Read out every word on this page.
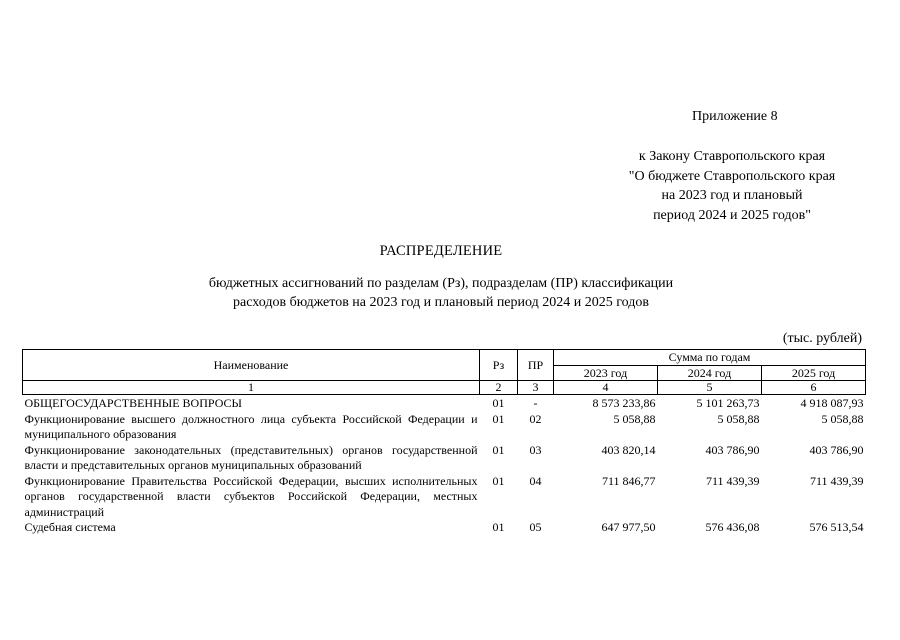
Приложение 8
к Закону Ставропольского края
"О бюджете Ставропольского края
на 2023 год и плановый
период 2024 и 2025 годов"
РАСПРЕДЕЛЕНИЕ
бюджетных ассигнований по разделам (Рз), подразделам (ПР) классификации
расходов бюджетов на 2023 год и плановый период 2024 и 2025 годов
(тыс. рублей)
Наименование	Рз	ПР	Сумма по годам		
			2023 год	2024 год	2025 год
1	2	3	4	5	6
ОБЩЕГОСУДАРСТВЕННЫЕ ВОПРОСЫ	01	-	8 573 233,86	5 101 263,73	4 918 087,93
Функционирование высшего должностного лица субъекта Российской Федерации и муниципального образования	01	02	5 058,88	5 058,88	5 058,88
Функционирование законодательных (представительных) органов государственной власти и представительных органов муниципальных образований	01	03	403 820,14	403 786,90	403 786,90
Функционирование Правительства Российской Федерации, высших исполнительных органов государственной власти субъектов Российской Федерации, местных администраций	01	04	711 846,77	711 439,39	711 439,39
Судебная система	01	05	647 977,50	576 436,08	576 513,54
